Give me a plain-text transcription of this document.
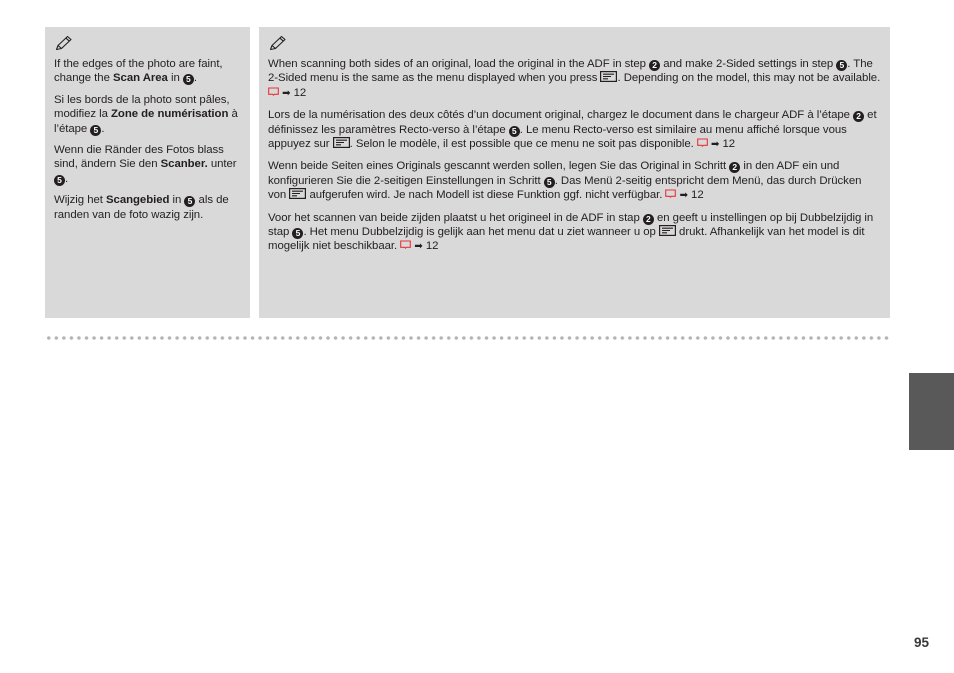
If the edges of the photo are faint, change the Scan Area in 5 .

Si les bords de la photo sont pâles, modifiez la Zone de numérisation à l’étape 5 .

Wenn die Ränder des Fotos blass sind, ändern Sie den Scanber. unter 5 .

Wijzig het Scangebied in 5 als de randen van de foto wazig zijn.

When scanning both sides of an original, load the original in the ADF in step 2 and make 2-Sided settings in step 5 . The 2-Sided menu is the same as the menu displayed when you press . Depending on the model, this may not be available.  ➡ 12

Lors de la numérisation des deux côtés d’un document original, chargez le document dans le chargeur ADF à l’étape 2 et définissez les paramètres Recto-verso à l’étape 5 . Le menu Recto-verso est similaire au menu affiché lorsque vous appuyez sur . Selon le modèle, il est possible que ce menu ne soit pas disponible.  ➡ 12

Wenn beide Seiten eines Originals gescannt werden sollen, legen Sie das Original in Schritt 2 in den ADF ein und konfigurieren Sie die 2-seitigen Einstellungen in Schritt 5 . Das Menü 2-seitig entspricht dem Menü, das durch Drücken von  aufgerufen wird. Je nach Modell ist diese Funktion ggf. nicht verfügbar.  ➡ 12

Voor het scannen van beide zijden plaatst u het origineel in de ADF in stap 2 en geeft u instellingen op bij Dubbelzijdig in stap 5 . Het menu Dubbelzijdig is gelijk aan het menu dat u ziet wanneer u op  drukt. Afhankelijk van het model is dit mogelijk niet beschikbaar.  ➡ 12

95
